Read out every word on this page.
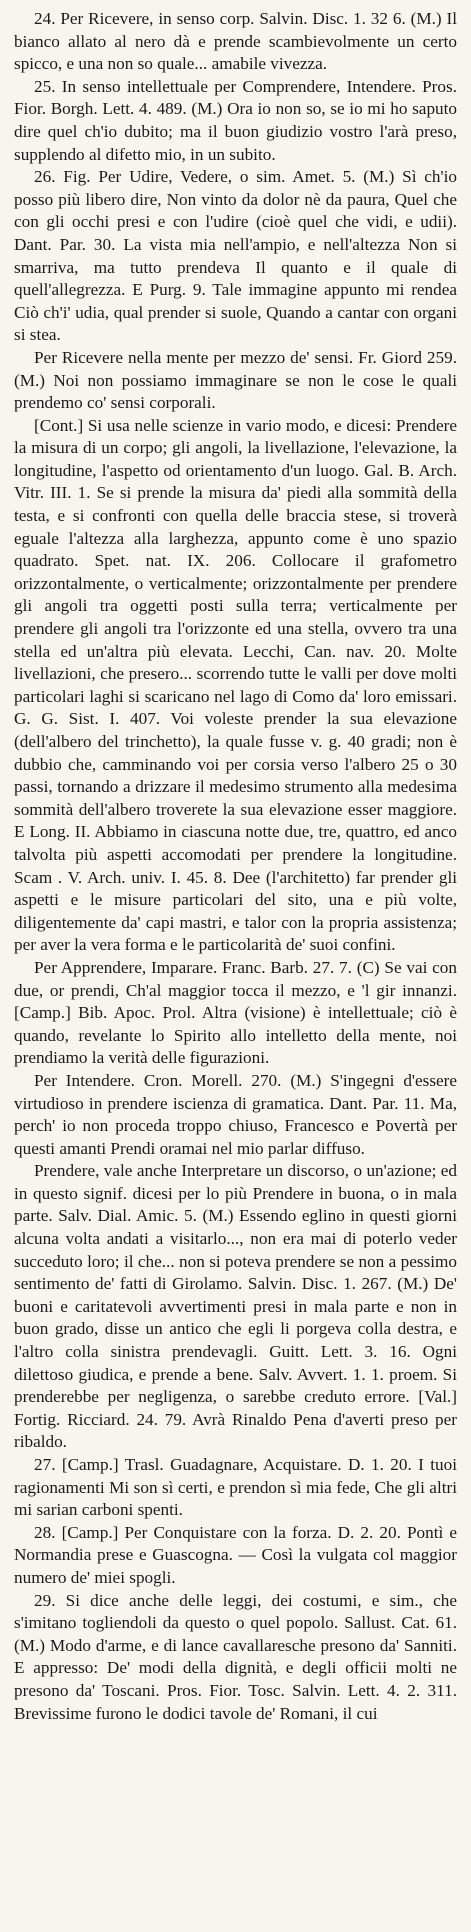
24. Per Ricevere, in senso corp. Salvin. Disc. 1. 32 6. (M.) Il bianco allato al nero dà e prende scambievolmente un certo spicco, e una non so quale... amabile vivezza.

25. In senso intellettuale per Comprendere, Intendere. Pros. Fior. Borgh. Lett. 4. 489. (M.) Ora io non so, se io mi ho saputo dire quel ch'io dubito; ma il buon giudizio vostro l'arà preso, supplendo al difetto mio, in un subito.

26. Fig. Per Udire, Vedere, o sim. Amet. 5. (M.) Sì ch'io posso più libero dire, Non vinto da dolor nè da paura, Quel che con gli occhi presi e con l'udire (cioè quel che vidi, e udii). Dant. Par. 30. La vista mia nell'ampio, e nell'altezza Non si smarriva, ma tutto prendeva Il quanto e il quale di quell'allegrezza. E Purg. 9. Tale immagine appunto mi rendea Ciò ch'i' udia, qual prender si suole, Quando a cantar con organi si stea.

Per Ricevere nella mente per mezzo de' sensi. Fr. Giord 259. (M.) Noi non possiamo immaginare se non le cose le quali prendemo co' sensi corporali.

[Cont.] Si usa nelle scienze in vario modo, e dicesi: Prendere la misura di un corpo; gli angoli, la livellazione, l'elevazione, la longitudine, l'aspetto od orientamento d'un luogo. Gal. B. Arch. Vitr. III. 1. Se si prende la misura da' piedi alla sommità della testa, e si confronti con quella delle braccia stese, si troverà eguale l'altezza alla larghezza, appunto come è uno spazio quadrato. Spet. nat. IX. 206. Collocare il grafometro orizzontalmente, o verticalmente; orizzontalmente per prendere gli angoli tra oggetti posti sulla terra; verticalmente per prendere gli angoli tra l'orizzonte ed una stella, ovvero tra una stella ed un'altra più elevata. Lecchi, Can. nav. 20. Molte livellazioni, che presero... scorrendo tutte le valli per dove molti particolari laghi si scaricano nel lago di Como da' loro emissari. G. G. Sist. I. 407. Voi voleste prender la sua elevazione (dell'albero del trinchetto), la quale fusse v. g. 40 gradi; non è dubbio che, camminando voi per corsia verso l'albero 25 o 30 passi, tornando a drizzare il medesimo strumento alla medesima sommità dell'albero troverete la sua elevazione esser maggiore. E Long. II. Abbiamo in ciascuna notte due, tre, quattro, ed anco talvolta più aspetti accomodati per prendere la longitudine. Scam . V. Arch. univ. I. 45. 8. Dee (l'architetto) far prender gli aspetti e le misure particolari del sito, una e più volte, diligentemente da' capi mastri, e talor con la propria assistenza; per aver la vera forma e le particolarità de' suoi confini.

Per Apprendere, Imparare. Franc. Barb. 27. 7. (C) Se vai con due, or prendi, Ch'al maggior tocca il mezzo, e 'l gir innanzi. [Camp.] Bib. Apoc. Prol. Altra (visione) è intellettuale; ciò è quando, revelante lo Spirito allo intelletto della mente, noi prendiamo la verità delle figurazioni.

Per Intendere. Cron. Morell. 270. (M.) S'ingegni d'essere virtudioso in prendere iscienza di gramatica. Dant. Par. 11. Ma, perch' io non proceda troppo chiuso, Francesco e Povertà per questi amanti Prendi oramai nel mio parlar diffuso.

Prendere, vale anche Interpretare un discorso, o un'azione; ed in questo signif. dicesi per lo più Prendere in buona, o in mala parte. Salv. Dial. Amic. 5. (M.) Essendo eglino in questi giorni alcuna volta andati a visitarlo..., non era mai di poterlo veder succeduto loro; il che... non si poteva prendere se non a pessimo sentimento de' fatti di Girolamo. Salvin. Disc. 1. 267. (M.) De' buoni e caritatevoli avvertimenti presi in mala parte e non in buon grado, disse un antico che egli li porgeva colla destra, e l'altro colla sinistra prendevagli. Guitt. Lett. 3. 16. Ogni dilettoso giudica, e prende a bene. Salv. Avvert. 1. 1. proem. Si prenderebbe per negligenza, o sarebbe creduto errore. [Val.] Fortig. Ricciard. 24. 79. Avrà Rinaldo Pena d'averti preso per ribaldo.

27. [Camp.] Trasl. Guadagnare, Acquistare. D. 1. 20. I tuoi ragionamenti Mi son sì certi, e prendon sì mia fede, Che gli altri mi sarian carboni spenti.

28. [Camp.] Per Conquistare con la forza. D. 2. 20. Pontì e Normandia prese e Guascogna. — Così la vulgata col maggior numero de' miei spogli.

29. Si dice anche delle leggi, dei costumi, e sim., che s'imitano togliendoli da questo o quel popolo. Sallust. Cat. 61. (M.) Modo d'arme, e di lance cavallaresche presono da' Sanniti. E appresso: De' modi della dignità, e degli officii molti ne presono da' Toscani. Pros. Fior. Tosc. Salvin. Lett. 4. 2. 311. Brevissime furono le dodici tavole de' Romani, il cui
